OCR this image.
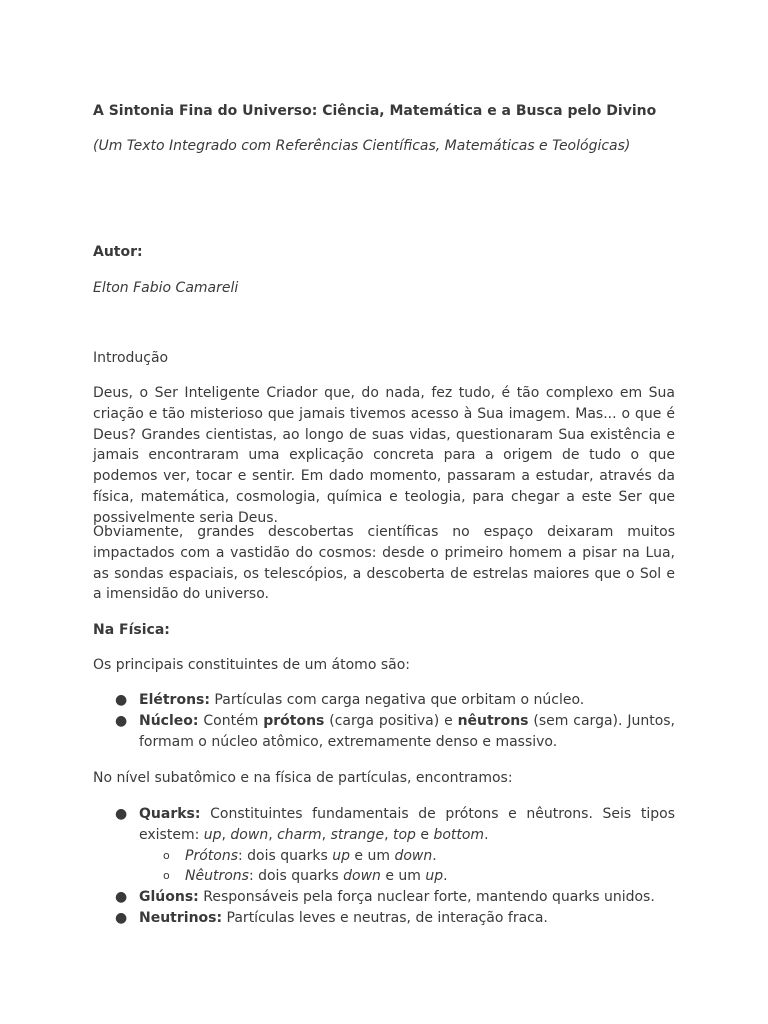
A Sintonia Fina do Universo: Ciência, Matemática e a Busca pelo Divino
(Um Texto Integrado com Referências Científicas, Matemáticas e Teológicas)
Autor:
Elton Fabio Camareli
Introdução
Deus, o Ser Inteligente Criador que, do nada, fez tudo, é tão complexo em Sua criação e tão misterioso que jamais tivemos acesso à Sua imagem. Mas... o que é Deus? Grandes cientistas, ao longo de suas vidas, questionaram Sua existência e jamais encontraram uma explicação concreta para a origem de tudo o que podemos ver, tocar e sentir. Em dado momento, passaram a estudar, através da física, matemática, cosmologia, química e teologia, para chegar a este Ser que possivelmente seria Deus.
Obviamente, grandes descobertas científicas no espaço deixaram muitos impactados com a vastidão do cosmos: desde o primeiro homem a pisar na Lua, as sondas espaciais, os telescópios, a descoberta de estrelas maiores que o Sol e a imensidão do universo.
Na Física:
Os principais constituintes de um átomo são:
● Elétrons: Partículas com carga negativa que orbitam o núcleo.
● Núcleo: Contém prótons (carga positiva) e nêutrons (sem carga). Juntos, formam o núcleo atômico, extremamente denso e massivo.
No nível subatômico e na física de partículas, encontramos:
● Quarks: Constituintes fundamentais de prótons e nêutrons. Seis tipos existem: up, down, charm, strange, top e bottom.
o Prótons: dois quarks up e um down.
o Nêutrons: dois quarks down e um up.
● Glúons: Responsáveis pela força nuclear forte, mantendo quarks unidos.
● Neutrinos: Partículas leves e neutras, de interação fraca.
